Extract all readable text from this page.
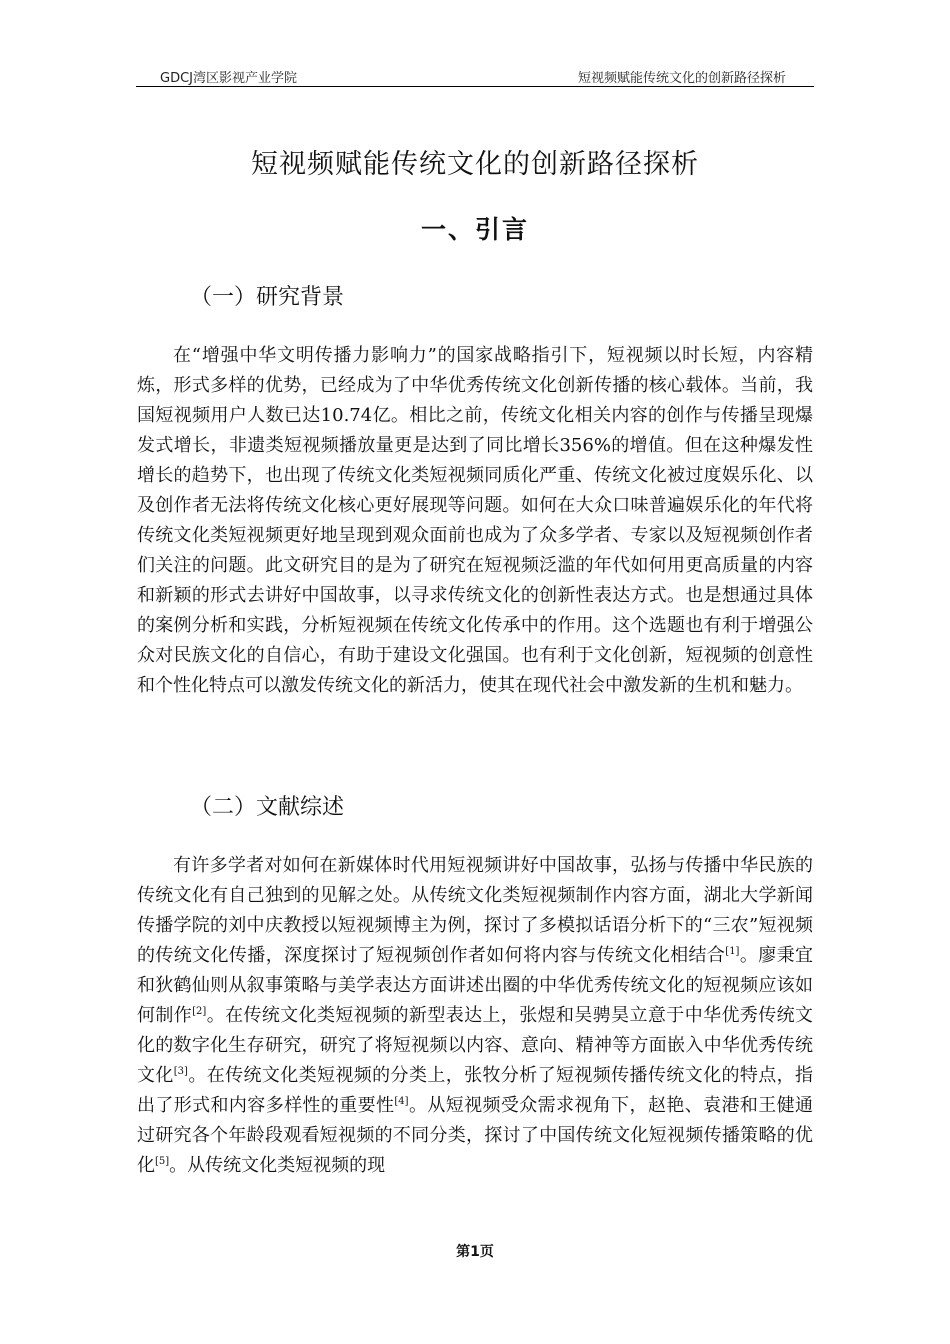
GDCJ湾区影视产业学院	短视频赋能传统文化的创新路径探析
短视频赋能传统文化的创新路径探析
一、引言
（一）研究背景

在“增强中华文明传播力影响力”的国家战略指引下，短视频以时长短，内容精炼，形式多样的优势，已经成为了中华优秀传统文化创新传播的核心载体。当前，我国短视频用户人数已达10.74亿。相比之前，传统文化相关内容的创作与传播呈现爆发式增长，非遗类短视频播放量更是达到了同比增长356%的增值。但在这种爆发性增长的趋势下，也出现了传统文化类短视频同质化严重、传统文化被过度娱乐化、以及创作者无法将传统文化核心更好展现等问题。如何在大众口味普遍娱乐化的年代将传统文化类短视频更好地呈现到观众面前也成为了众多学者、专家以及短视频创作者们关注的问题。此文研究目的是为了研究在短视频泛滥的年代如何用更高质量的内容和新颖的形式去讲好中国故事，以寻求传统文化的创新性表达方式。也是想通过具体的案例分析和实践，分析短视频在传统文化传承中的作用。这个选题也有利于增强公众对民族文化的自信心，有助于建设文化强国。也有利于文化创新，短视频的创意性和个性化特点可以激发传统文化的新活力，使其在现代社会中激发新的生机和魅力。

（二）文献综述

有许多学者对如何在新媒体时代用短视频讲好中国故事，弘扬与传播中华民族的传统文化有自己独到的见解之处。从传统文化类短视频制作内容方面，湖北大学新闻传播学院的刘中庆教授以短视频博主为例，探讨了多模拟话语分析下的“三农”短视频的传统文化传播，深度探讨了短视频创作者如何将内容与传统文化相结合[1]。廖秉宜和狄鹤仙则从叙事策略与美学表达方面讲述出圈的中华优秀传统文化的短视频应该如何制作[2]。在传统文化类短视频的新型表达上，张煜和吴骋昊立意于中华优秀传统文化的数字化生存研究，研究了将短视频以内容、意向、精神等方面嵌入中华优秀传统文化[3]。在传统文化类短视频的分类上，张牧分析了短视频传播传统文化的特点，指出了形式和内容多样性的重要性[4]。从短视频受众需求视角下，赵艳、袁港和王健通过研究各个年龄段观看短视频的不同分类，探讨了中国传统文化短视频传播策略的优化[5]。从传统文化类短视频的现

第1页
